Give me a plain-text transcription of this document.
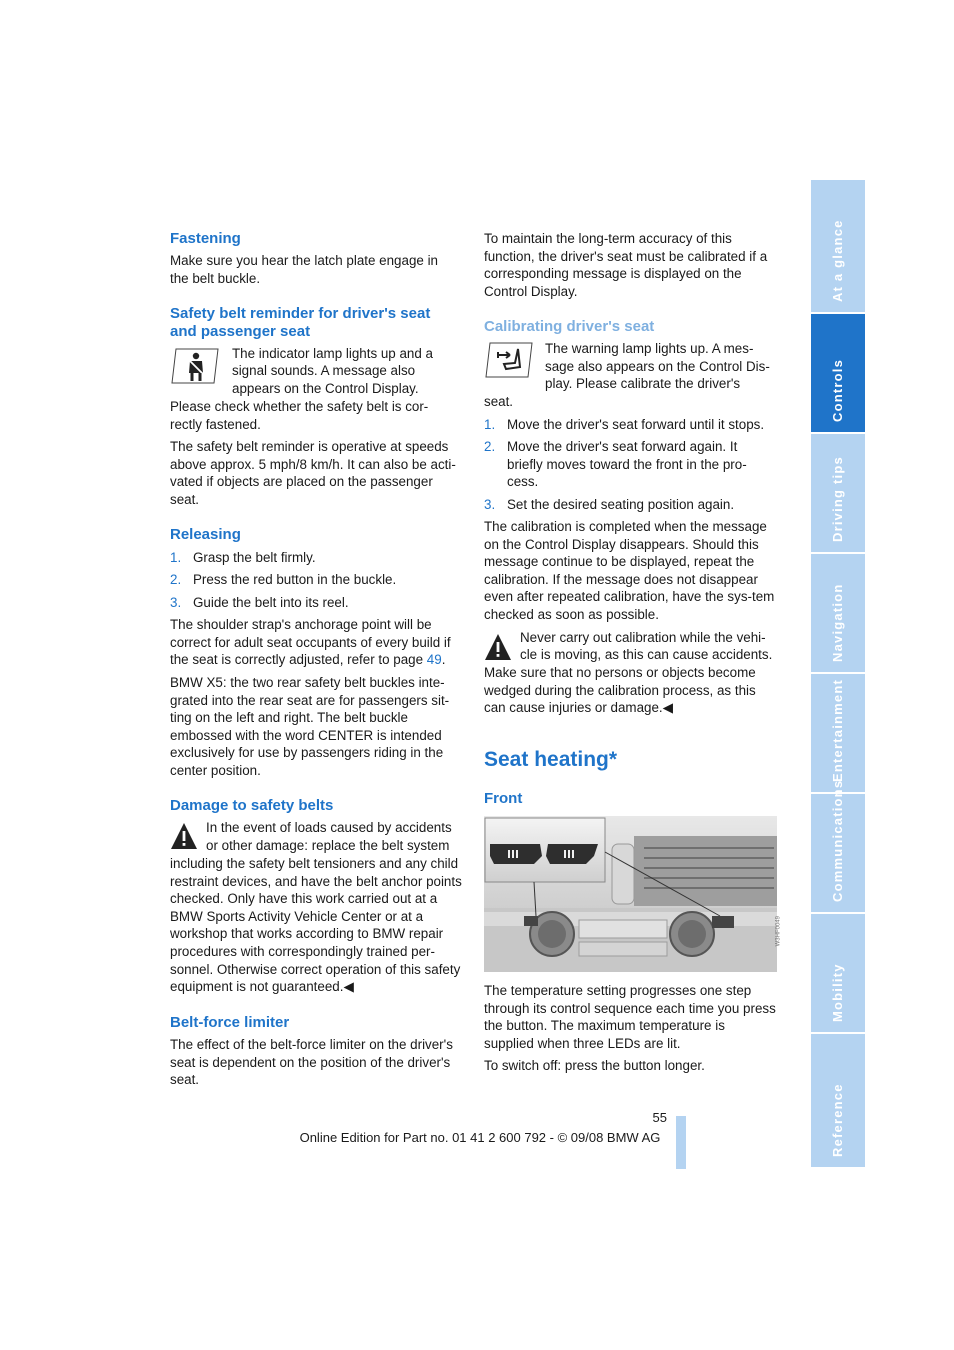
Fastening

Make sure you hear the latch plate engage in the belt buckle.

Safety belt reminder for driver's seat
and passenger seat

The indicator lamp lights up and a

signal sounds. A message also

appears on the Control Display.

Please check whether the safety belt is cor-rectly fastened.

The safety belt reminder is operative at speeds above approx. 5 mph/8 km/h. It can also be acti-vated if objects are placed on the passenger seat.

Releasing
1. Grasp the belt firmly.
2. Press the red button in the buckle.
3. Guide the belt into its reel.

The shoulder strap's anchorage point will be correct for adult seat occupants of every build if the seat is correctly adjusted, refer to page 49.

BMW X5: the two rear safety belt buckles inte-grated into the rear seat are for passengers sit-ting on the left and right. The belt buckle embossed with the word CENTER is intended exclusively for use by passengers riding in the center position.

Damage to safety belts

In the event of loads caused by accidents

or other damage: replace the belt system

including the safety belt tensioners and any child restraint devices, and have the belt anchor points checked. Only have this work carried out at a BMW Sports Activity Vehicle Center or at a workshop that works according to BMW repair procedures with correspondingly trained per-sonnel. Otherwise correct operation of this safety equipment is not guaranteed.◀

Belt-force limiter

The effect of the belt-force limiter on the driver's seat is dependent on the position of the driver's seat.

To maintain the long-term accuracy of this function, the driver's seat must be calibrated if a corresponding message is displayed on the Control Display.

Calibrating driver's seat

The warning lamp lights up. A mes-

sage also appears on the Control Dis-

play. Please calibrate the driver's

seat.

1. Move the driver's seat forward until it stops.
2. Move the driver's seat forward again. It briefly moves toward the front in the pro-cess.
3. Set the desired seating position again.

The calibration is completed when the message on the Control Display disappears. Should this message continue to be displayed, repeat the calibration. If the message does not disappear even after repeated calibration, have the sys-tem checked as soon as possible.

Never carry out calibration while the vehi-

cle is moving, as this can cause accidents.

Make sure that no persons or objects become wedged during the calibration process, as this can cause injuries or damage.◀

Seat heating*
Front
W3HF0049

The temperature setting progresses one step through its control sequence each time you press the button. The maximum temperature is supplied when three LEDs are lit.

To switch off: press the button longer.

At a glance
Controls
Driving tips
Navigation
Entertainment
Communications
Mobility
Reference
55
Online Edition for Part no. 01 41 2 600 792 - © 09/08 BMW AG
